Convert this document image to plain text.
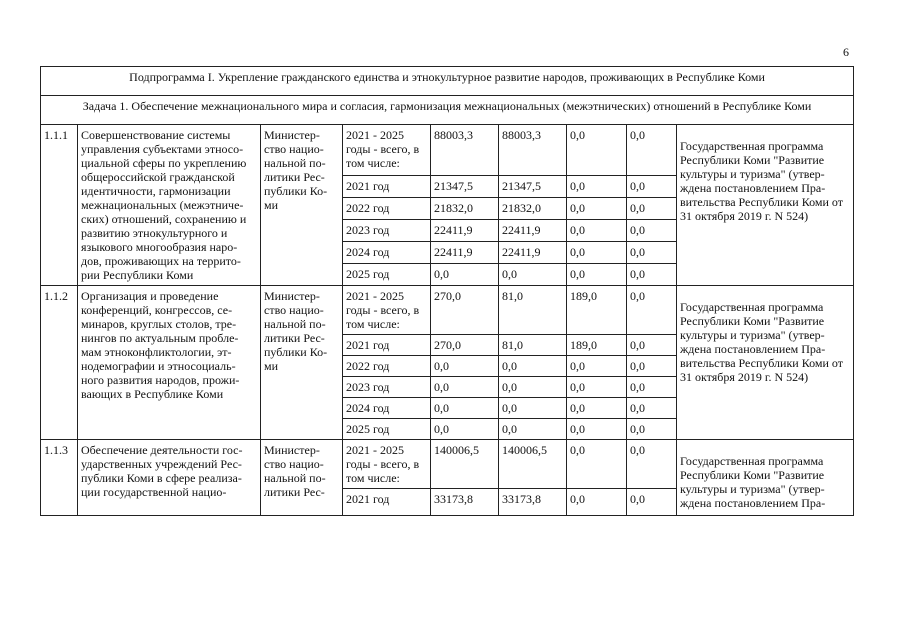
6
Подпрограмма I. Укрепление гражданского единства и этнокультурное развитие народов, проживающих в Республике Коми								
Задача 1. Обеспечение межнационального мира и согласия, гармонизация межнациональных (межэтнических) отношений в Республике Коми								
1.1.1	Совершенствование системы управления субъектами этносо-циальной сферы по укреплению общероссийской гражданской идентичности, гармонизации межнациональных (межэтниче-ских) отношений, сохранению и развитию этнокультурного и языкового многообразия наро-дов, проживающих на террито-рии Республики Коми	Министер-ство нацио-нальной по-литики Рес-публики Ко-ми	2021 - 2025 годы - всего, в том числе:	88003,3	88003,3	0,0	0,0	Государственная программа Республики Коми "Развитие культуры и туризма" (утвер-ждена постановлением Пра-вительства Республики Коми от 31 октября 2019 г. N 524)
			2021 год	21347,5	21347,5	0,0	0,0	
			2022 год	21832,0	21832,0	0,0	0,0	
			2023 год	22411,9	22411,9	0,0	0,0	
			2024 год	22411,9	22411,9	0,0	0,0	
			2025 год	0,0	0,0	0,0	0,0	
1.1.2	Организация и проведение конференций, конгрессов, се-минаров, круглых столов, тре-нингов по актуальным пробле-мам этноконфликтологии, эт-нодемографии и этносоциаль-ного развития народов, прожи-вающих в Республике Коми	Министер-ство нацио-нальной по-литики Рес-публики Ко-ми	2021 - 2025 годы - всего, в том числе:	270,0	81,0	189,0	0,0	Государственная программа Республики Коми "Развитие культуры и туризма" (утвер-ждена постановлением Пра-вительства Республики Коми от 31 октября 2019 г. N 524)
			2021 год	270,0	81,0	189,0	0,0	
			2022 год	0,0	0,0	0,0	0,0	
			2023 год	0,0	0,0	0,0	0,0	
			2024 год	0,0	0,0	0,0	0,0	
			2025 год	0,0	0,0	0,0	0,0	
1.1.3	Обеспечение деятельности гос-ударственных учреждений Рес-публики Коми в сфере реализа-ции государственной нацио-	Министер-ство нацио-нальной по-литики Рес-	2021 - 2025 годы - всего, в том числе:	140006,5	140006,5	0,0	0,0	Государственная программа Республики Коми "Развитие культуры и туризма" (утвер-ждена постановлением Пра-
			2021 год	33173,8	33173,8	0,0	0,0	
